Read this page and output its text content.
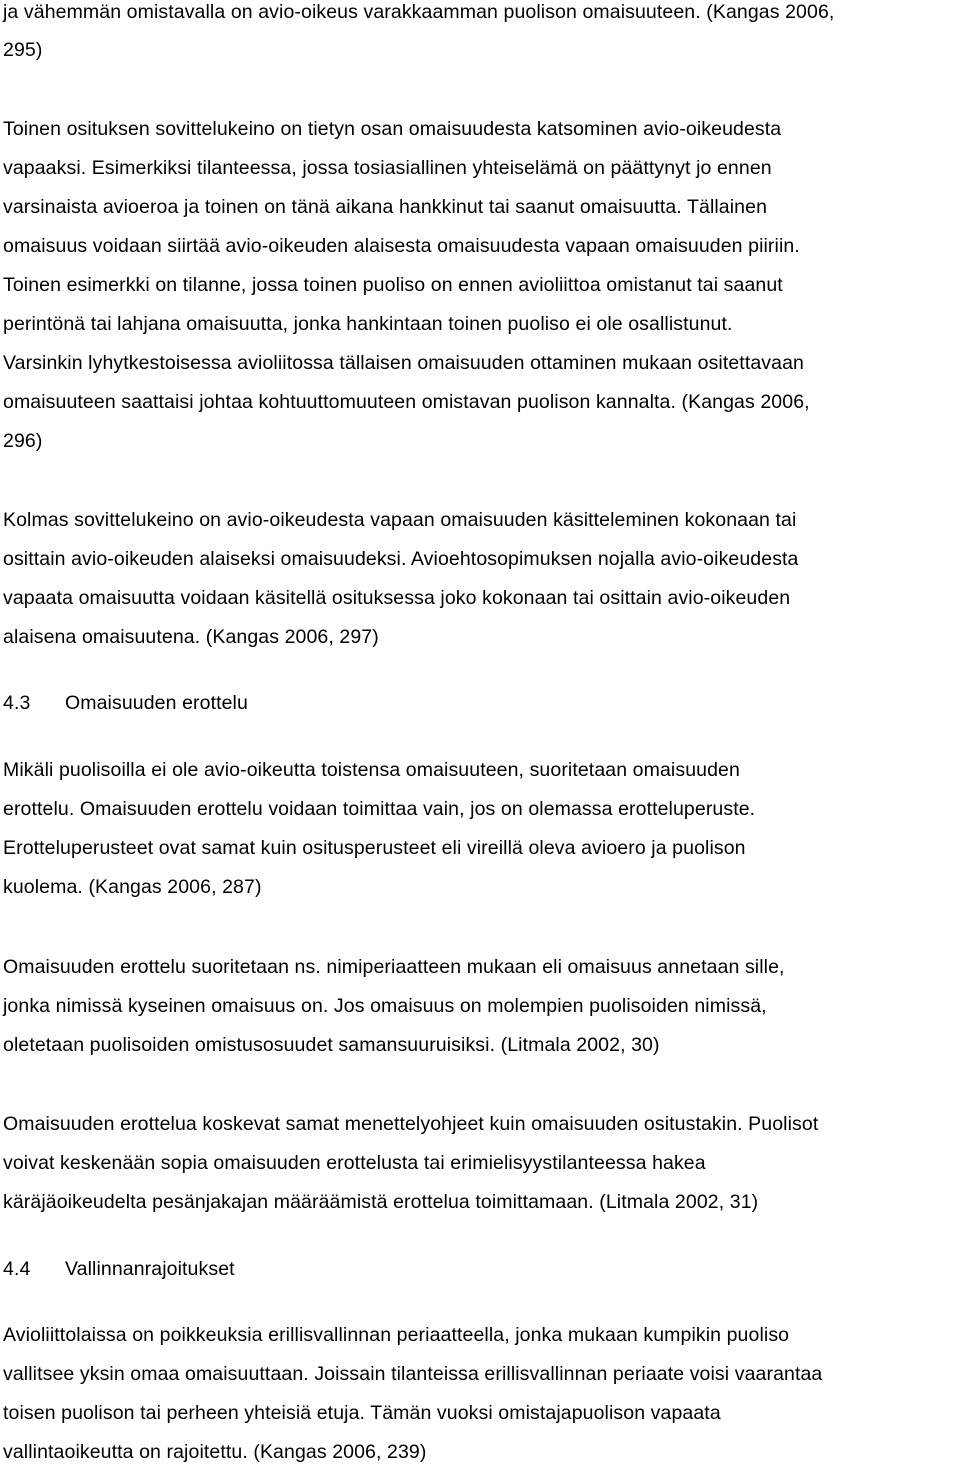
ja vähemmän omistavalla on avio-oikeus varakkaamman puolison omaisuuteen. (Kangas 2006,
295)
Toinen osituksen sovittelukeino on tietyn osan omaisuudesta katsominen avio-oikeudesta
vapaaksi. Esimerkiksi tilanteessa, jossa tosiasiallinen yhteiselämä on päättynyt jo ennen
varsinaista avioeroa ja toinen on tänä aikana hankkinut tai saanut omaisuutta. Tällainen
omaisuus voidaan siirtää avio-oikeuden alaisesta omaisuudesta vapaan omaisuuden piiriin.
Toinen esimerkki on tilanne, jossa toinen puoliso on ennen avioliittoa omistanut tai saanut
perintönä tai lahjana omaisuutta, jonka hankintaan toinen puoliso ei ole osallistunut.
Varsinkin lyhytkestoisessa avioliitossa tällaisen omaisuuden ottaminen mukaan ositettavaan
omaisuuteen saattaisi johtaa kohtuuttomuuteen omistavan puolison kannalta. (Kangas 2006,
296)
Kolmas sovittelukeino on avio-oikeudesta vapaan omaisuuden käsitteleminen kokonaan tai
osittain avio-oikeuden alaiseksi omaisuudeksi. Avioehtosopimuksen nojalla avio-oikeudesta
vapaata omaisuutta voidaan käsitellä osituksessa joko kokonaan tai osittain avio-oikeuden
alaisena omaisuutena. (Kangas 2006, 297)
4.3 Omaisuuden erottelu
Mikäli puolisoilla ei ole avio-oikeutta toistensa omaisuuteen, suoritetaan omaisuuden
erottelu. Omaisuuden erottelu voidaan toimittaa vain, jos on olemassa erotteluperuste.
Erotteluperusteet ovat samat kuin ositusperusteet eli vireillä oleva avioero ja puolison
kuolema. (Kangas 2006, 287)
Omaisuuden erottelu suoritetaan ns. nimiperiaatteen mukaan eli omaisuus annetaan sille,
jonka nimissä kyseinen omaisuus on. Jos omaisuus on molempien puolisoiden nimissä,
oletetaan puolisoiden omistusosuudet samansuuruisiksi. (Litmala 2002, 30)
Omaisuuden erottelua koskevat samat menettelyohjeet kuin omaisuuden ositustakin. Puolisot
voivat keskenään sopia omaisuuden erottelusta tai erimielisyystilanteessa hakea
käräjäoikeudelta pesänjakajan määräämistä erottelua toimittamaan. (Litmala 2002, 31)
4.4 Vallinnanrajoitukset
Avioliittolaissa on poikkeuksia erillisvallinnan periaatteella, jonka mukaan kumpikin puoliso
vallitsee yksin omaa omaisuuttaan. Joissain tilanteissa erillisvallinnan periaate voisi vaarantaa
toisen puolison tai perheen yhteisiä etuja. Tämän vuoksi omistajapuolison vapaata
vallintaoikeutta on rajoitettu. (Kangas 2006, 239)
